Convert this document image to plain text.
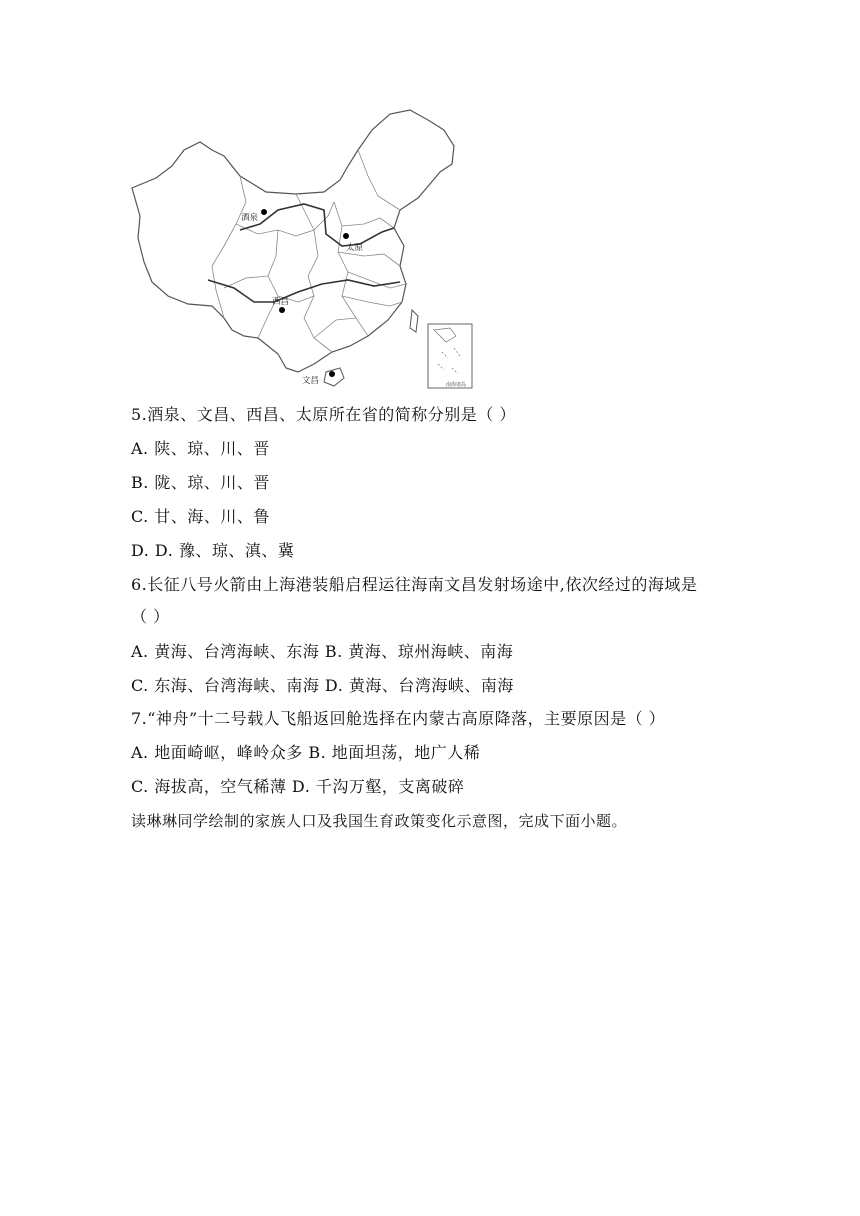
酒泉
太原
西昌
文昌	南海诸岛
5.酒泉、文昌、西昌、太原所在省的简称分别是（ ）
A. 陕、琼、川、晋
B. 陇、琼、川、晋
C. 甘、海、川、鲁
D. D. 豫、琼、滇、冀
6.长征八号火箭由上海港装船启程运往海南文昌发射场途中,依次经过的海域是
（ ）
A. 黄海、台湾海峡、东海 B. 黄海、琼州海峡、南海
C. 东海、台湾海峡、南海 D. 黄海、台湾海峡、南海
7.“神舟”十二号载人飞船返回舱选择在内蒙古高原降落，主要原因是（ ）
A. 地面崎岖，峰岭众多 B. 地面坦荡，地广人稀
C. 海拔高，空气稀薄 D. 千沟万壑，支离破碎
读琳琳同学绘制的家族人口及我国生育政策变化示意图，完成下面小题。
